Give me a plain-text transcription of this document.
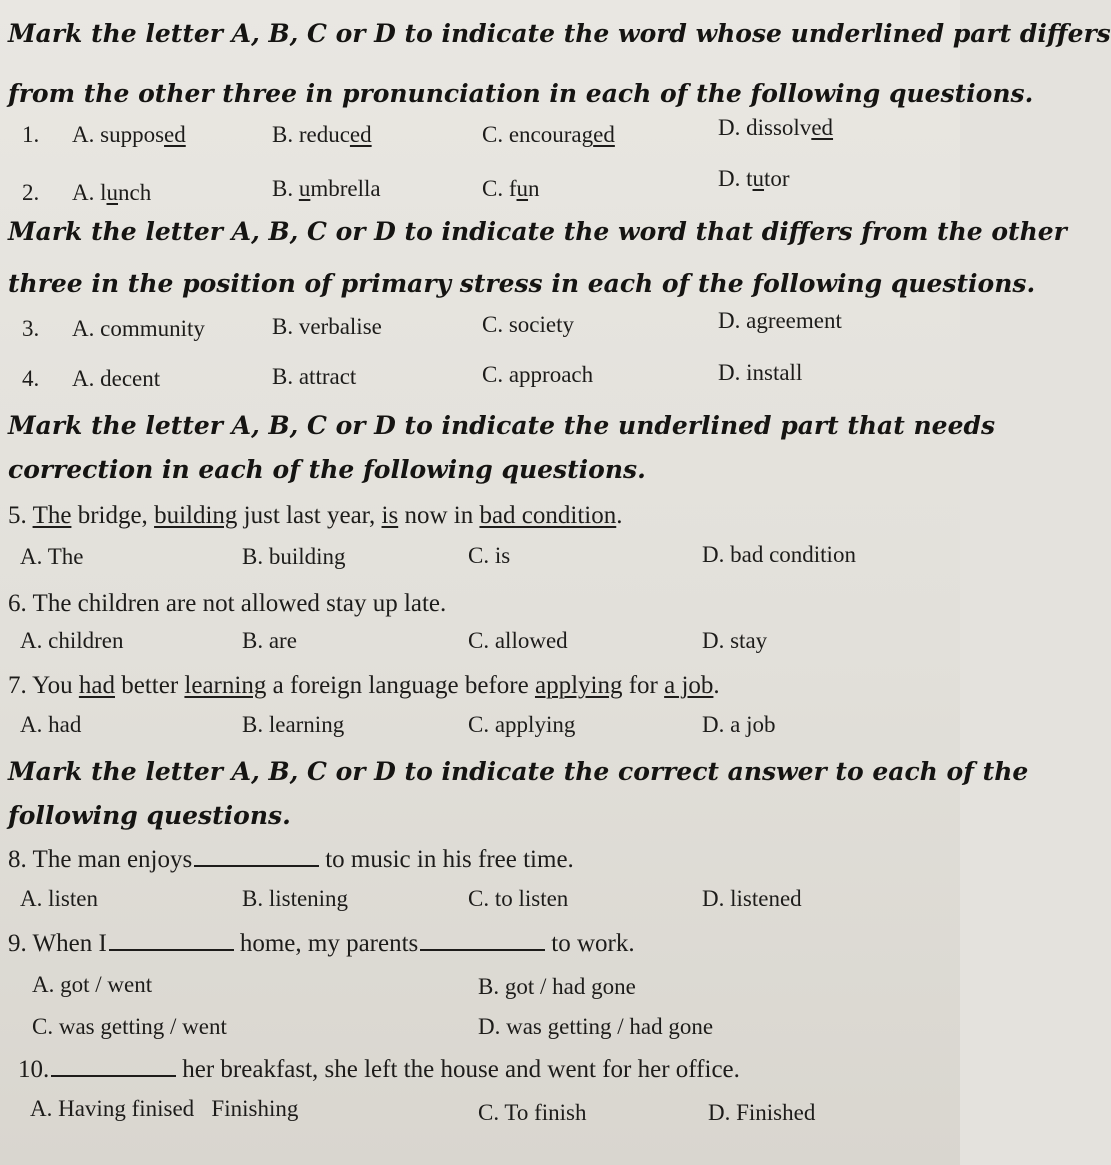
Mark the letter A, B, C or D to indicate the word whose underlined part differs
from the other three in pronunciation in each of the following questions.
1. A. supposed	B. reduced	C. encouraged	D. dissolved
2. A. lunch	B. umbrella	C. fun	D. tutor
Mark the letter A, B, C or D to indicate the word that differs from the other
three in the position of primary stress in each of the following questions.
3. A. community	B. verbalise	C. society	D. agreement
4. A. decent	B. attract	C. approach	D. install
Mark the letter A, B, C or D to indicate the underlined part that needs
correction in each of the following questions.
5. The bridge, building just last year, is now in bad condition.
A. The	B. building	C. is	D. bad condition
6. The children are not allowed stay up late.
A. children	B. are	C. allowed	D. stay
7. You had better learning a foreign language before applying for a job.
A. had	B. learning	C. applying	D. a job
Mark the letter A, B, C or D to indicate the correct answer to each of the
following questions.
8. The man enjoys	to music in his free time.
A. listen	B. listening	C. to listen	D. listened
9. When I	home, my parents	to work.
A. got / went	B. got / had gone
C. was getting / went	D. was getting / had gone
10.	her breakfast, she left the house and went for her office.
A. Having finised   Finishing	C. To finish	D. Finished
